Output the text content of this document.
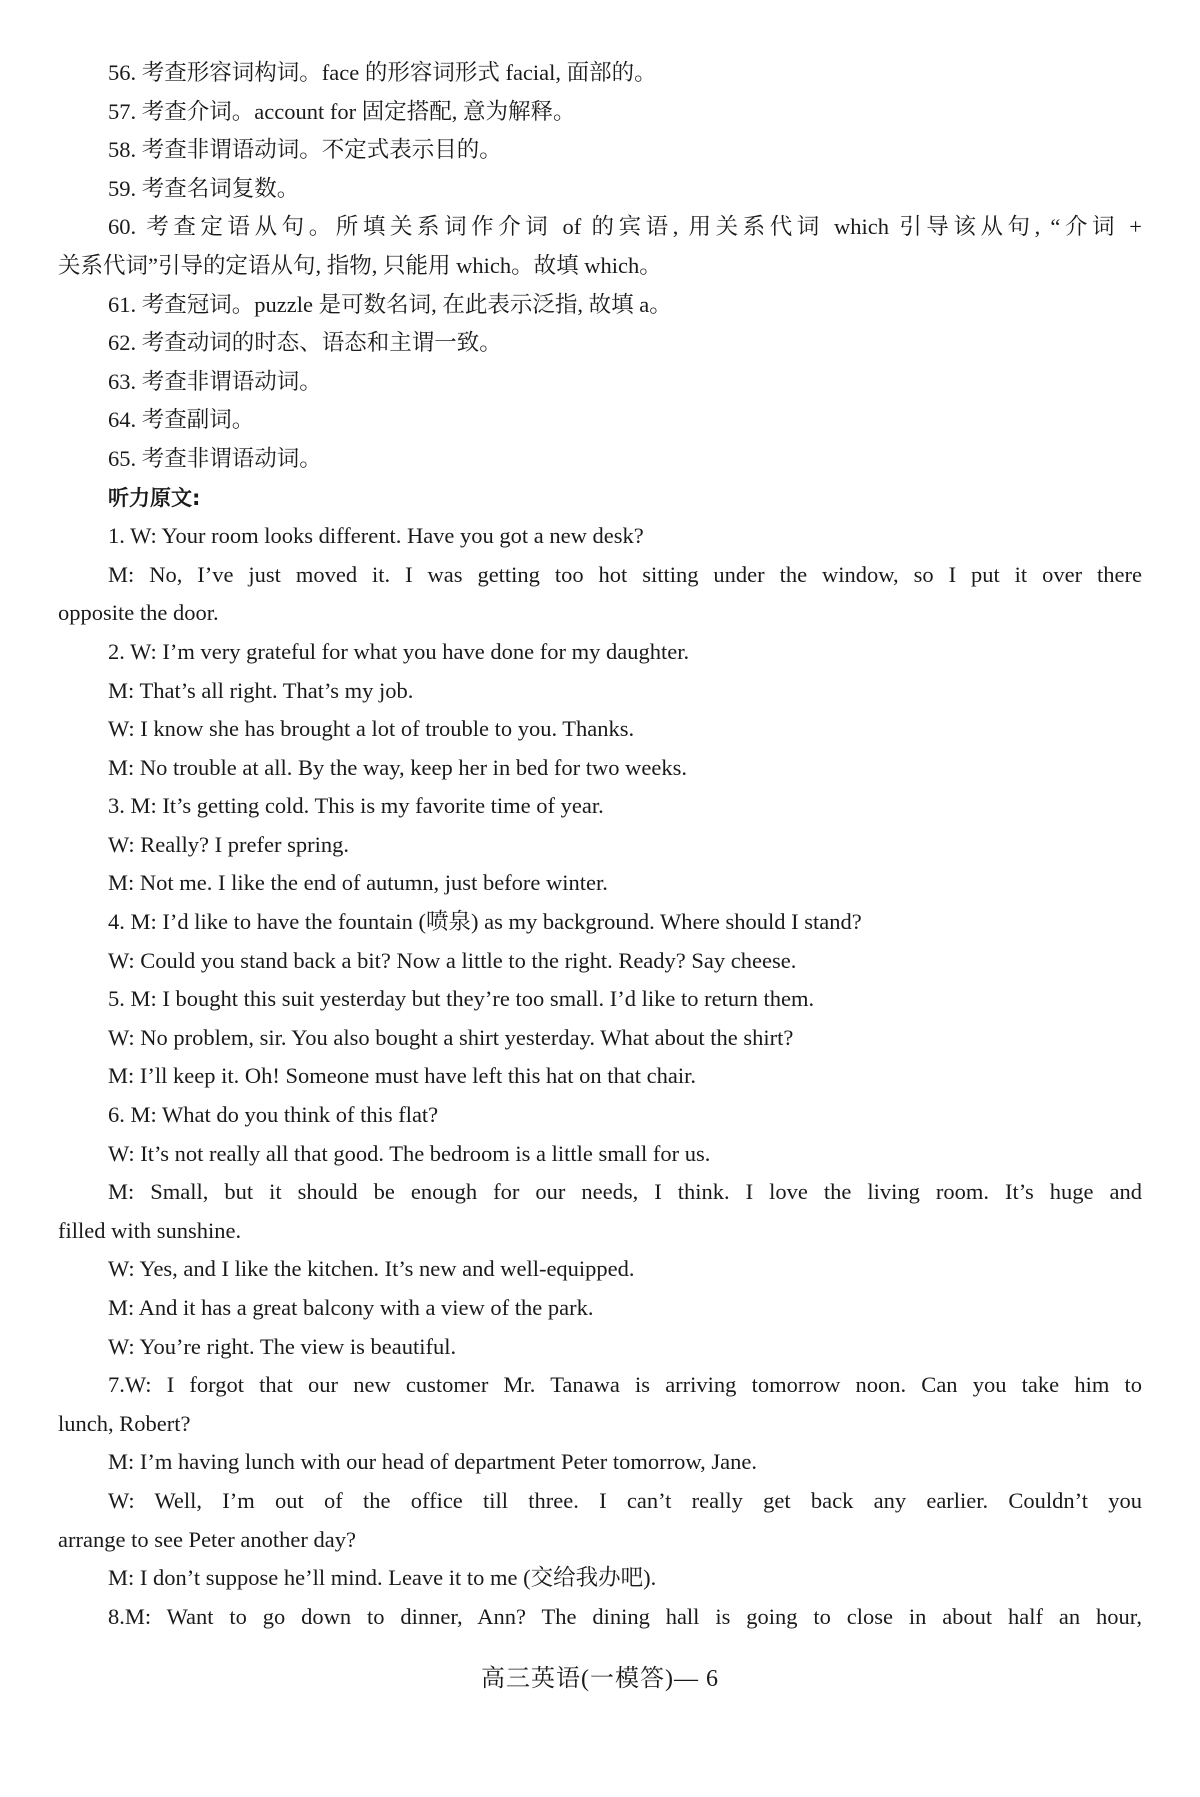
56. 考查形容词构词。face 的形容词形式 facial, 面部的。
57. 考查介词。account for 固定搭配, 意为解释。
58. 考查非谓语动词。不定式表示目的。
59. 考查名词复数。
60. 考查定语从句。所填关系词作介词 of 的宾语, 用关系代词 which 引导该从句, “介词 +
关系代词”引导的定语从句, 指物, 只能用 which。故填 which。
61. 考查冠词。puzzle 是可数名词, 在此表示泛指, 故填 a。
62. 考查动词的时态、语态和主谓一致。
63. 考查非谓语动词。
64. 考查副词。
65. 考查非谓语动词。
听力原文:
1. W: Your room looks different. Have you got a new desk?
M: No, I’ve just moved it. I was getting too hot sitting under the window, so I put it over there
opposite the door.
2. W: I’m very grateful for what you have done for my daughter.
M: That’s all right. That’s my job.
W: I know she has brought a lot of trouble to you. Thanks.
M: No trouble at all. By the way, keep her in bed for two weeks.
3. M: It’s getting cold. This is my favorite time of year.
W: Really? I prefer spring.
M: Not me. I like the end of autumn, just before winter.
4. M: I’d like to have the fountain (喷泉) as my background. Where should I stand?
W: Could you stand back a bit? Now a little to the right. Ready? Say cheese.
5. M: I bought this suit yesterday but they’re too small. I’d like to return them.
W: No problem, sir. You also bought a shirt yesterday. What about the shirt?
M: I’ll keep it. Oh! Someone must have left this hat on that chair.
6. M: What do you think of this flat?
W: It’s not really all that good. The bedroom is a little small for us.
M: Small, but it should be enough for our needs, I think. I love the living room. It’s huge and
filled with sunshine.
W: Yes, and I like the kitchen. It’s new and well-equipped.
M: And it has a great balcony with a view of the park.
W: You’re right. The view is beautiful.
7.W: I forgot that our new customer Mr. Tanawa is arriving tomorrow noon. Can you take him to
lunch, Robert?
M: I’m having lunch with our head of department Peter tomorrow, Jane.
W: Well, I’m out of the office till three. I can’t really get back any earlier. Couldn’t you
arrange to see Peter another day?
M: I don’t suppose he’ll mind. Leave it to me (交给我办吧).
8.M: Want to go down to dinner, Ann? The dining hall is going to close in about half an hour,
高三英语(一模答)— 6
